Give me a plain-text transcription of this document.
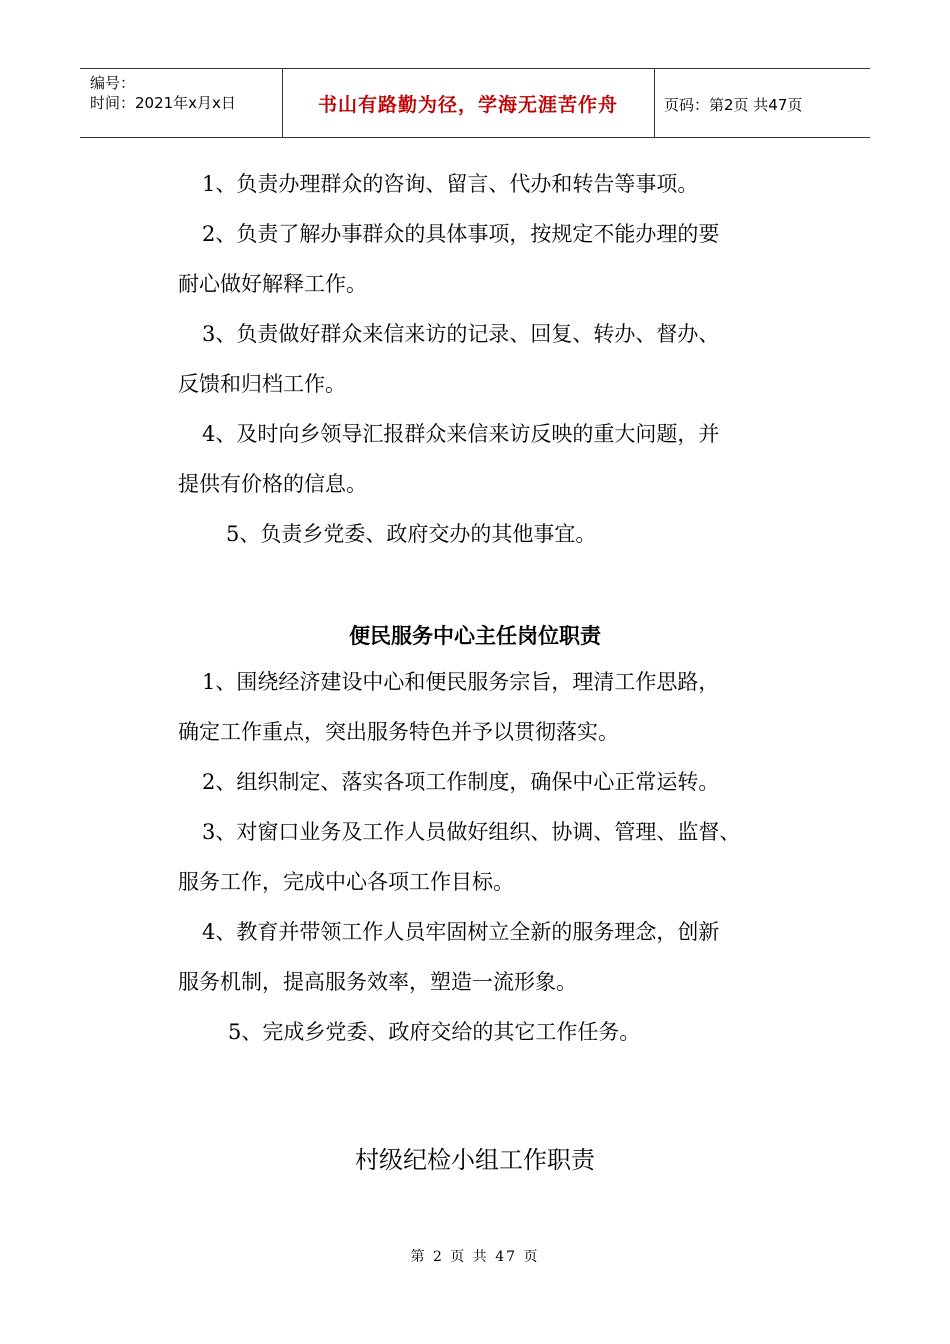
编号：
时间：2021年x月x日	书山有路勤为径，学海无涯苦作舟	页码：第2页 共47页
1、负责办理群众的咨询、留言、代办和转告等事项。
2、负责了解办事群众的具体事项，按规定不能办理的要
耐心做好解释工作。
3、负责做好群众来信来访的记录、回复、转办、督办、
反馈和归档工作。
4、及时向乡领导汇报群众来信来访反映的重大问题，并
提供有价格的信息。
5、负责乡党委、政府交办的其他事宜。
便民服务中心主任岗位职责
1、围绕经济建设中心和便民服务宗旨，理清工作思路，
确定工作重点，突出服务特色并予以贯彻落实。
2、组织制定、落实各项工作制度，确保中心正常运转。
3、对窗口业务及工作人员做好组织、协调、管理、监督、
服务工作，完成中心各项工作目标。
4、教育并带领工作人员牢固树立全新的服务理念，创新
服务机制，提高服务效率，塑造一流形象。
5、完成乡党委、政府交给的其它工作任务。
村级纪检小组工作职责
第 2 页 共 47 页
